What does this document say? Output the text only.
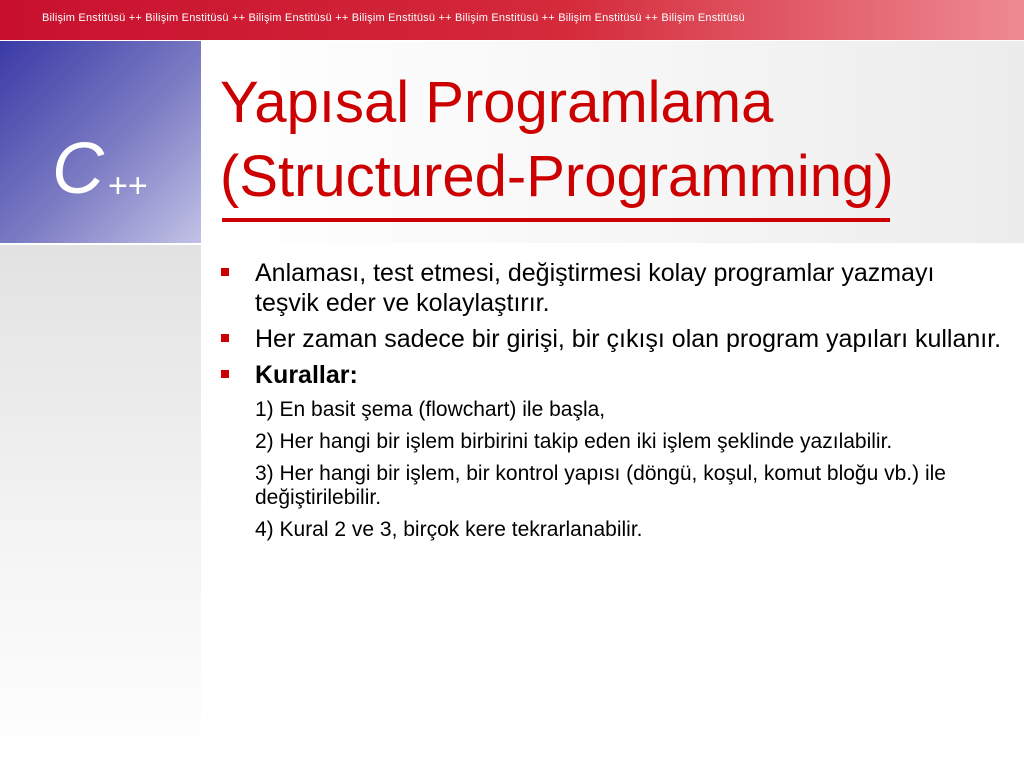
Bilişim Enstitüsü ++ Bilişim Enstitüsü ++ Bilişim Enstitüsü ++ Bilişim Enstitüsü ++ Bilişim Enstitüsü ++ Bilişim Enstitüsü ++ Bilişim Enstitüsü
C ++
Yapısal Programlama
(Structured-Programming)
Anlaması, test etmesi, değiştirmesi kolay programlar yazmayı teşvik eder ve kolaylaştırır.
Her zaman sadece bir girişi, bir çıkışı olan program yapıları kullanır.
Kurallar:
1) En basit şema (flowchart) ile başla,
2) Her hangi bir işlem birbirini takip eden iki işlem şeklinde yazılabilir.
3) Her hangi bir işlem, bir kontrol yapısı (döngü, koşul, komut bloğu vb.) ile değiştirilebilir.
4) Kural 2 ve 3, birçok kere tekrarlanabilir.
